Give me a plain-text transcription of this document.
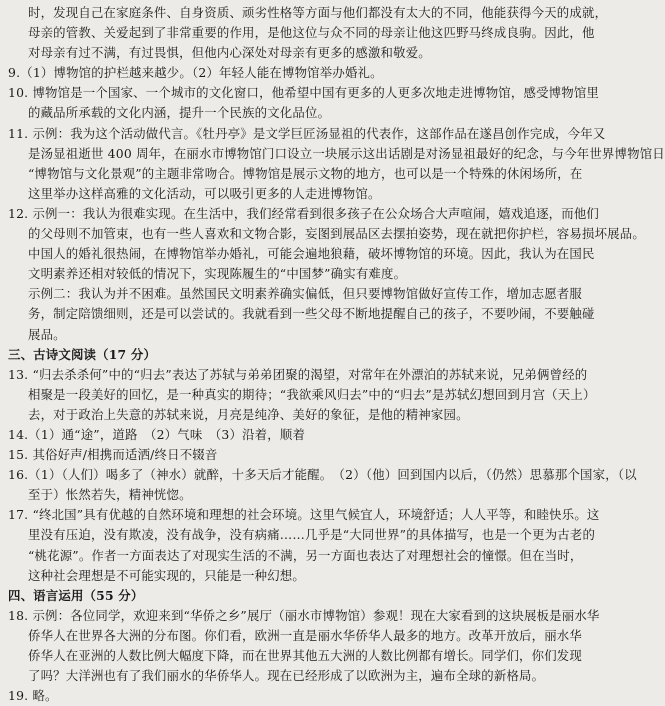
时，发现自己在家庭条件、自身资质、顽劣性格等方面与他们都没有太大的不同，他能获得今天的成就，
母亲的管教、关爱起到了非常重要的作用，是他这位与众不同的母亲让他这匹野马终成良驹。因此，他
对母亲有过不满，有过畏惧，但他内心深处对母亲有更多的感激和敬爱。
9.（1）博物馆的护栏越来越少。（2）年轻人能在博物馆举办婚礼。
10. 博物馆是一个国家、一个城市的文化窗口，他希望中国有更多的人更多次地走进博物馆，感受博物馆里
的藏品所承载的文化内涵，提升一个民族的文化品位。
11. 示例：我为这个活动做代言。《牡丹亭》是文学巨匠汤显祖的代表作，这部作品在遂昌创作完成，今年又
是汤显祖逝世 400 周年，在丽水市博物馆门口设立一块展示这出话剧是对汤显祖最好的纪念，与今年世界博物馆日
“博物馆与文化景观”的主题非常吻合。博物馆是展示文物的地方，也可以是一个特殊的休闲场所，在
这里举办这样高雅的文化活动，可以吸引更多的人走进博物馆。
12. 示例一：我认为很难实现。在生活中，我们经常看到很多孩子在公众场合大声喧闹，嬉戏追逐，而他们
的父母则不加管束，也有一些人喜欢和文物合影，妄图到展品区去摆拍姿势，现在就把你护栏，容易损坏展品。
中国人的婚礼很热闹，在博物馆举办婚礼，可能会遍地狼藉，破坏博物馆的环境。因此，我认为在国民
文明素养还相对较低的情况下，实现陈履生的“中国梦”确实有难度。
示例二：我认为并不困难。虽然国民文明素养确实偏低，但只要博物馆做好宣传工作，增加志愿者服
务，制定陪馈细则，还是可以尝试的。我就看到一些父母不断地提醒自己的孩子，不要吵闹，不要触碰
展品。
三、古诗文阅读（17 分）
13. “归去杀杀何”中的“归去”表达了苏轼与弟弟团聚的渴望，对常年在外漂泊的苏轼来说，兄弟俩曾经的
相聚是一段美好的回忆，是一种真实的期待；“我欲乘风归去”中的“归去”是苏轼幻想回到月宫（天上）
去，对于政治上失意的苏轼来说，月亮是纯净、美好的象征，是他的精神家园。
14.（1）通“途”，道路　（2）气味　（3）沿着，顺着
15. 其俗好声/相携而适洒/终日不辍音
16.（1）（人们）喝多了（神水）就醉，十多天后才能醒。　（2）（他）回到国内以后，（仍然）思慕那个国家，（以
至于）怅然若失，精神恍惚。
17. “终北国”具有优越的自然环境和理想的社会环境。这里气候宜人，环境舒适；人人平等，和睦快乐。这
里没有压迫，没有欺凌，没有战争，没有病痛……几乎是“大同世界”的具体描写，也是一个更为古老的
“桃花源”。作者一方面表达了对现实生活的不满，另一方面也表达了对理想社会的憧憬。但在当时，
这种社会理想是不可能实现的，只能是一种幻想。
四、语言运用（55 分）
18. 示例：各位同学，欢迎来到“华侨之乡”展厅（丽水市博物馆）参观！现在大家看到的这块展板是丽水华
侨华人在世界各大洲的分布图。你们看，欧洲一直是丽水华侨华人最多的地方。改革开放后，丽水华
侨华人在亚洲的人数比例大幅度下降，而在世界其他五大洲的人数比例都有增长。同学们，你们发现
了吗？大洋洲也有了我们丽水的华侨华人。现在已经形成了以欧洲为主，遍布全球的新格局。
19. 略。
